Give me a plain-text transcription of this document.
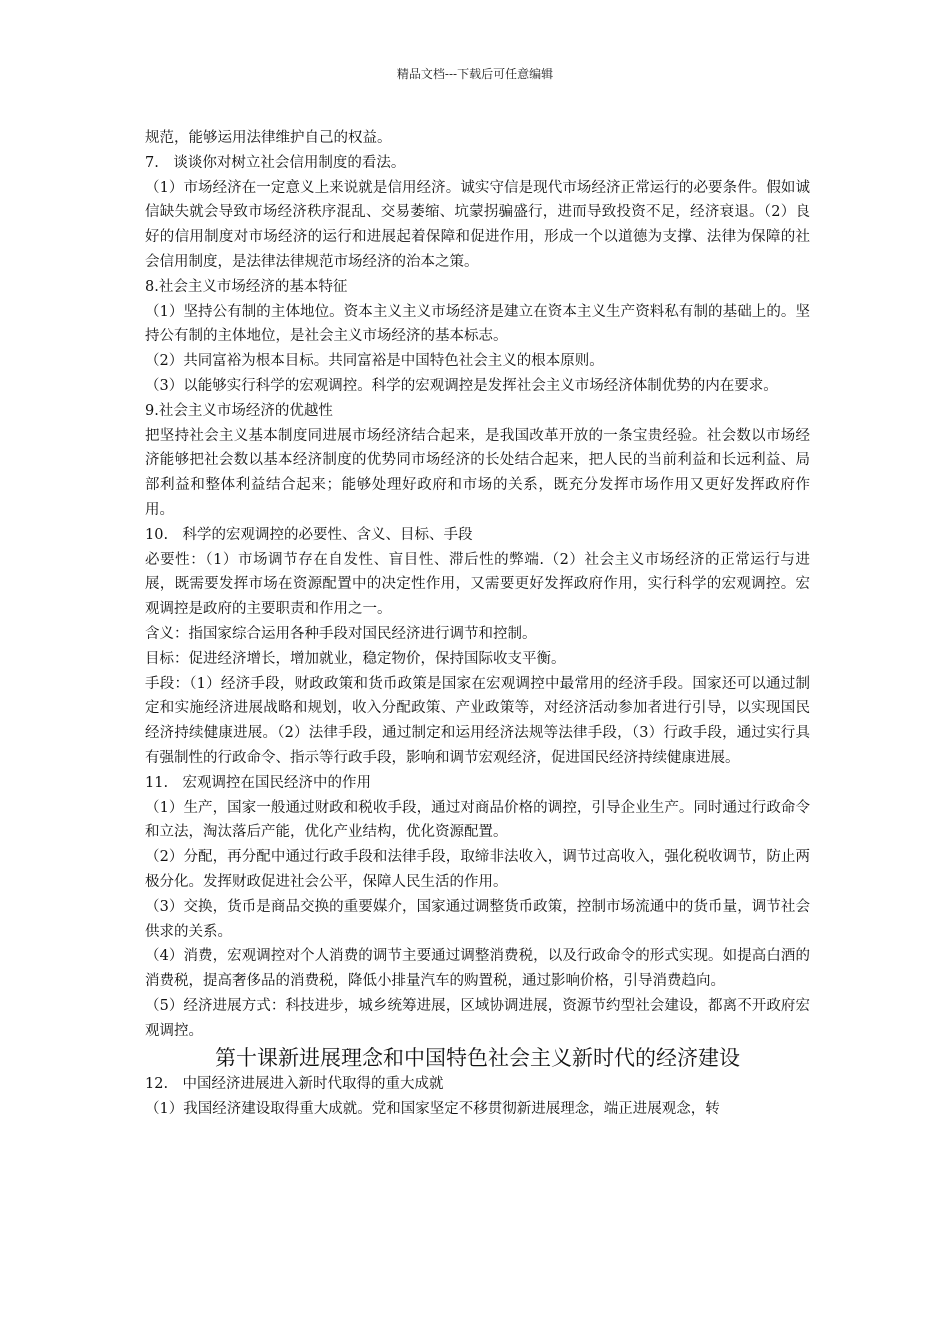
精品文档---下载后可任意编辑

规范，能够运用法律维护自己的权益。

7.　谈谈你对树立社会信用制度的看法。

（1）市场经济在一定意义上来说就是信用经济。诚实守信是现代市场经济正常运行的必要条件。假如诚信缺失就会导致市场经济秩序混乱、交易萎缩、坑蒙拐骗盛行，进而导致投资不足，经济衰退。（2）良好的信用制度对市场经济的运行和进展起着保障和促进作用，形成一个以道德为支撑、法律为保障的社会信用制度，是法律法律规范市场经济的治本之策。

8.社会主义市场经济的基本特征

（1）坚持公有制的主体地位。资本主义主义市场经济是建立在资本主义生产资料私有制的基础上的。坚持公有制的主体地位，是社会主义市场经济的基本标志。

（2）共同富裕为根本目标。共同富裕是中国特色社会主义的根本原则。

（3）以能够实行科学的宏观调控。科学的宏观调控是发挥社会主义市场经济体制优势的内在要求。

9.社会主义市场经济的优越性

把坚持社会主义基本制度同进展市场经济结合起来，是我国改革开放的一条宝贵经验。社会数以市场经济能够把社会数以基本经济制度的优势同市场经济的长处结合起来，把人民的当前利益和长远利益、局部利益和整体利益结合起来；能够处理好政府和市场的关系，既充分发挥市场作用又更好发挥政府作用。

10.　科学的宏观调控的必要性、含义、目标、手段

必要性：（1）市场调节存在自发性、盲目性、滞后性的弊端.（2）社会主义市场经济的正常运行与进展，既需要发挥市场在资源配置中的决定性作用，又需要更好发挥政府作用，实行科学的宏观调控。宏观调控是政府的主要职责和作用之一。

含义：指国家综合运用各种手段对国民经济进行调节和控制。

目标：促进经济增长，增加就业，稳定物价，保持国际收支平衡。

手段：（1）经济手段，财政政策和货币政策是国家在宏观调控中最常用的经济手段。国家还可以通过制定和实施经济进展战略和规划，收入分配政策、产业政策等，对经济活动参加者进行引导，以实现国民经济持续健康进展。（2）法律手段，通过制定和运用经济法规等法律手段，（3）行政手段，通过实行具有强制性的行政命令、指示等行政手段，影响和调节宏观经济，促进国民经济持续健康进展。

11.　宏观调控在国民经济中的作用

（1）生产，国家一般通过财政和税收手段，通过对商品价格的调控，引导企业生产。同时通过行政命令和立法，淘汰落后产能，优化产业结构，优化资源配置。

（2）分配，再分配中通过行政手段和法律手段，取缔非法收入，调节过高收入，强化税收调节，防止两极分化。发挥财政促进社会公平，保障人民生活的作用。

（3）交换，货币是商品交换的重要媒介，国家通过调整货币政策，控制市场流通中的货币量，调节社会供求的关系。

（4）消费，宏观调控对个人消费的调节主要通过调整消费税，以及行政命令的形式实现。如提高白酒的消费税，提高奢侈品的消费税，降低小排量汽车的购置税，通过影响价格，引导消费趋向。

（5）经济进展方式：科技进步，城乡统筹进展，区域协调进展，资源节约型社会建设，都离不开政府宏观调控。

第十课新进展理念和中国特色社会主义新时代的经济建设

12.　中国经济进展进入新时代取得的重大成就

（1）我国经济建设取得重大成就。党和国家坚定不移贯彻新进展理念，端正进展观念，转
